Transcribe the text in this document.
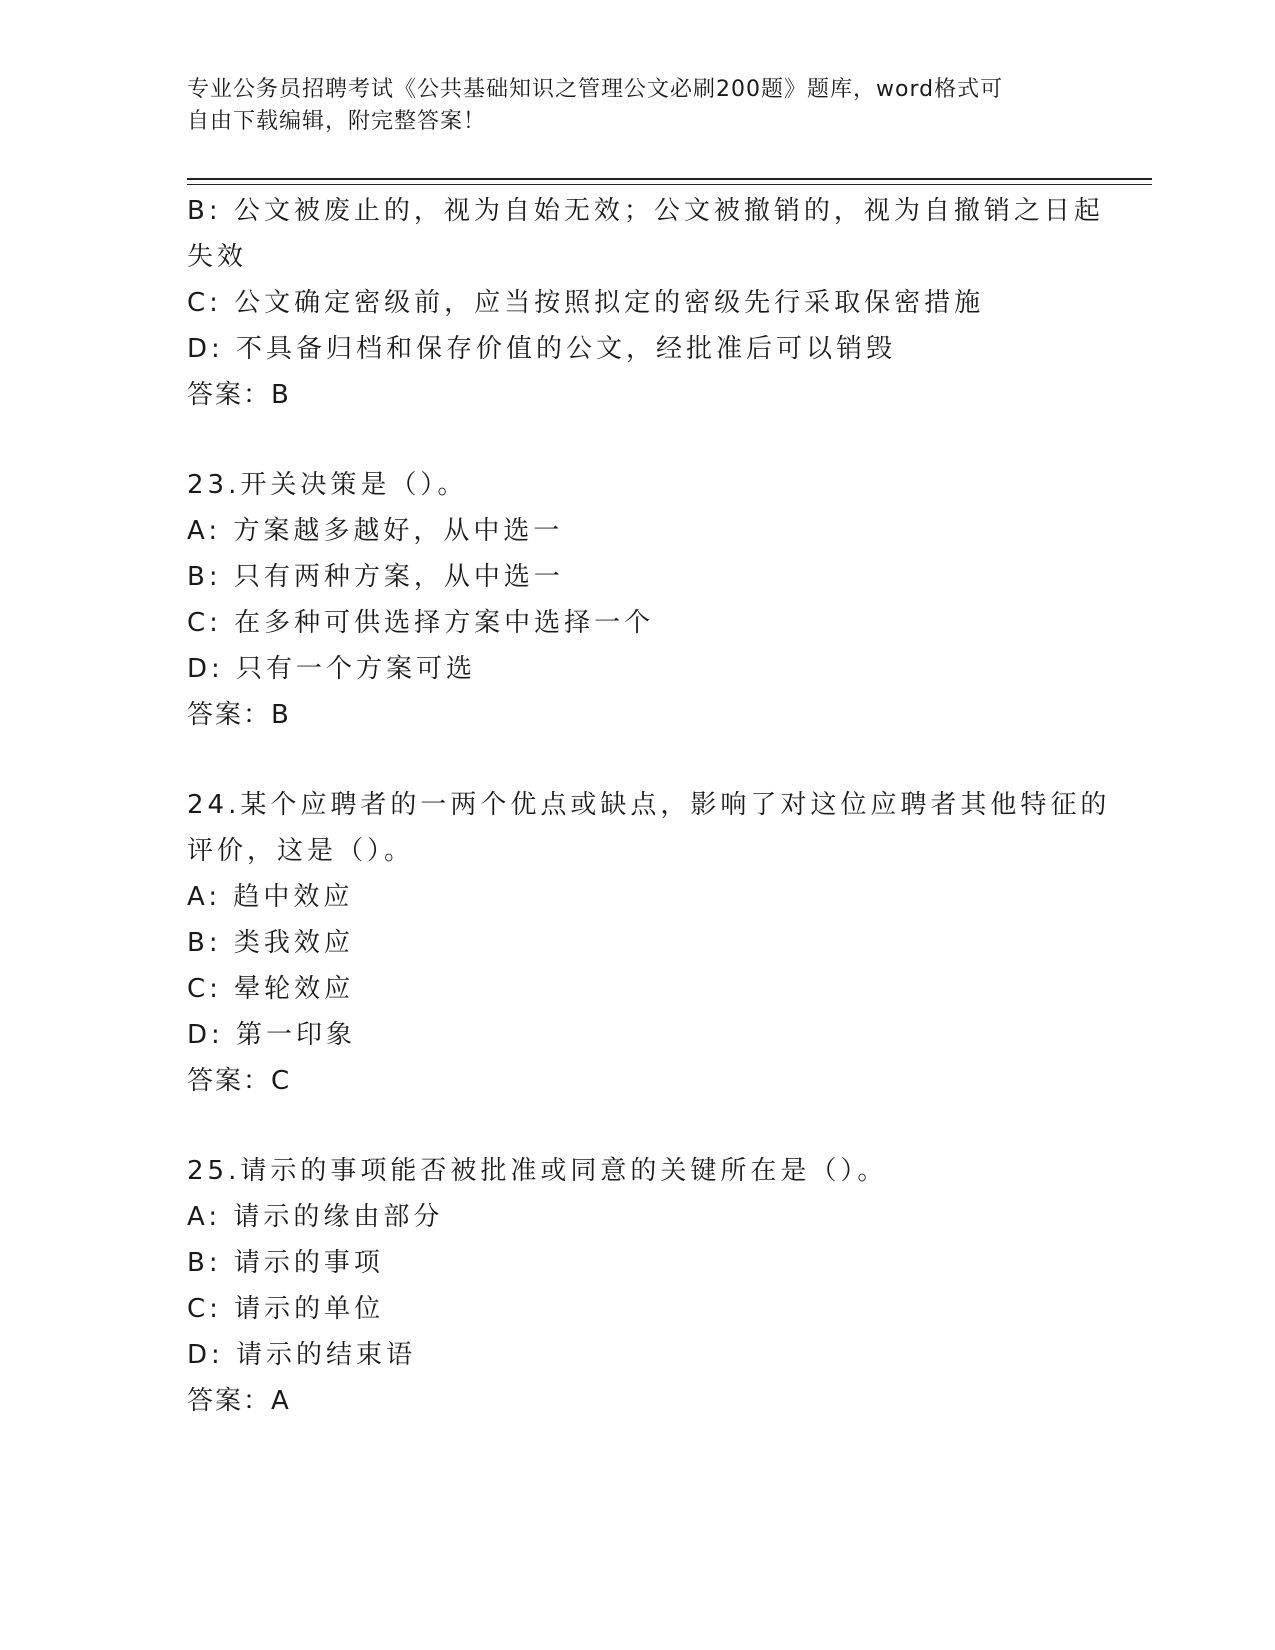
专业公务员招聘考试《公共基础知识之管理公文必刷200题》题库，word格式可
自由下载编辑，附完整答案！
B: 公文被废止的，视为自始无效；公文被撤销的，视为自撤销之日起
失效
C: 公文确定密级前，应当按照拟定的密级先行采取保密措施
D: 不具备归档和保存价值的公文，经批准后可以销毁
答案：B
23.开关决策是（）。
A: 方案越多越好，从中选一
B: 只有两种方案，从中选一
C: 在多种可供选择方案中选择一个
D: 只有一个方案可选
答案：B
24.某个应聘者的一两个优点或缺点，影响了对这位应聘者其他特征的
评价，这是（）。
A: 趋中效应
B: 类我效应
C: 晕轮效应
D: 第一印象
答案：C
25.请示的事项能否被批准或同意的关键所在是（）。
A: 请示的缘由部分
B: 请示的事项
C: 请示的单位
D: 请示的结束语
答案：A
